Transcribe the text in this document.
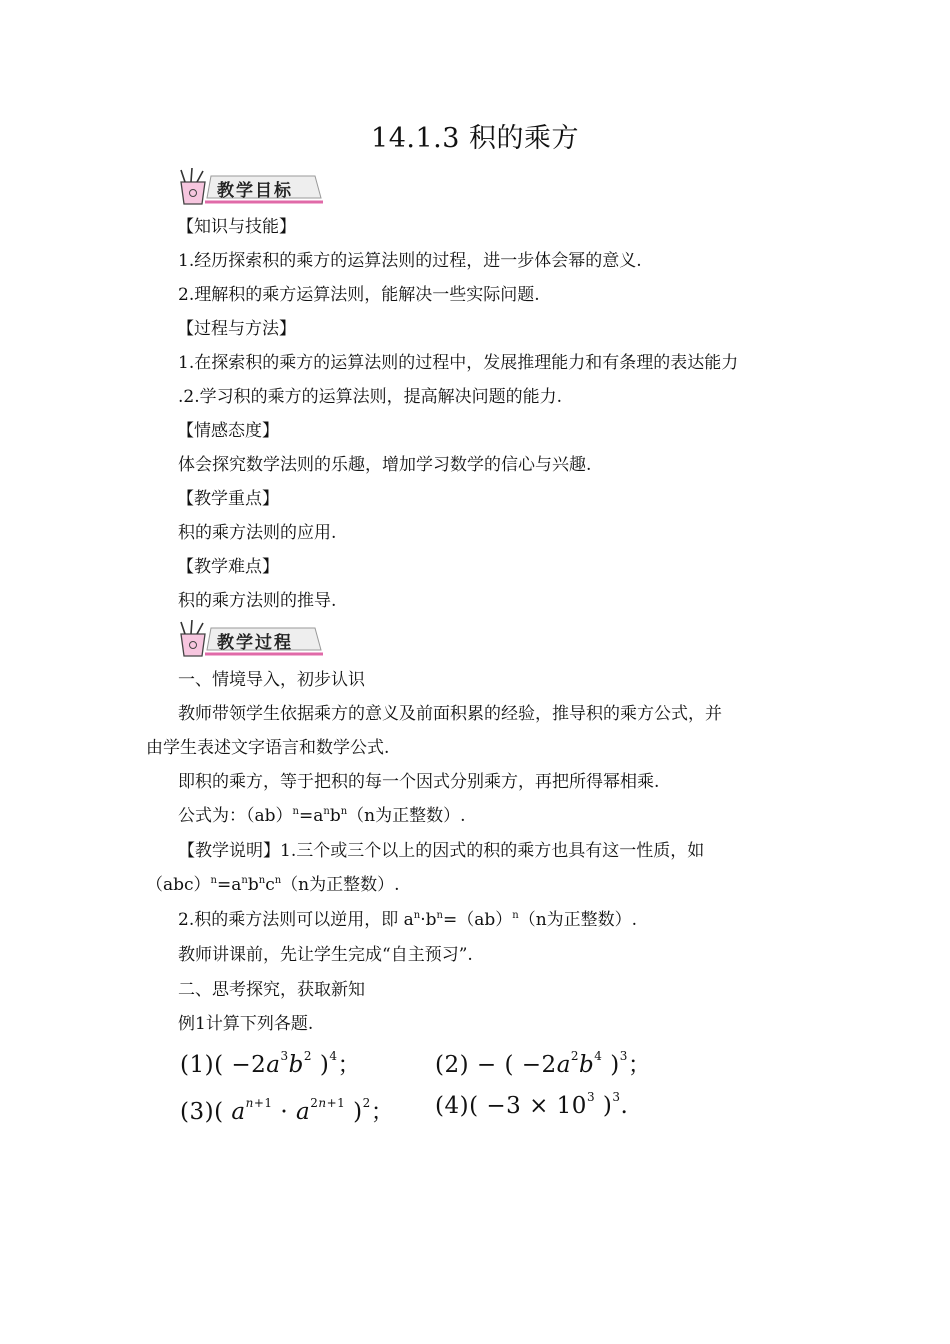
14.1.3 积的乘方
教学目标
【知识与技能】
1.经历探索积的乘方的运算法则的过程，进一步体会幂的意义.
2.理解积的乘方运算法则，能解决一些实际问题.
【过程与方法】
1.在探索积的乘方的运算法则的过程中，发展推理能力和有条理的表达能力
.2.学习积的乘方的运算法则，提高解决问题的能力.
【情感态度】
体会探究数学法则的乐趣，增加学习数学的信心与兴趣.
【教学重点】
积的乘方法则的应用.
【教学难点】
积的乘方法则的推导.
教学过程
一、情境导入，初步认识
教师带领学生依据乘方的意义及前面积累的经验，推导积的乘方公式，并
由学生表述文字语言和数学公式.
即积的乘方，等于把积的每一个因式分别乘方，再把所得幂相乘.
公式为：$(ab)^n=a^nb^n(n$为正整数）.
【教学说明】1.三个或三个以上的因式的积的乘方也具有这一性质，如
$(abc)^n=a^nb^nc^n(n$为正整数）.
2.积的乘方法则可以逆用，即 $a^n\cdot b^n=(ab)^n(n$为正整数）.
教师讲课前，先让学生完成“自主预习”.
二、思考探究，获取新知
例1计算下列各题.
$(1)( -2a^3b^2$ )$^4$；	(2) − ( $-2a^2b^4$ )$^3$；
(3)( $a^{n+1} \cdot a^{2n+1}$ )$^2$； $(4)( -3 \times 10^3$ )$^3$.
